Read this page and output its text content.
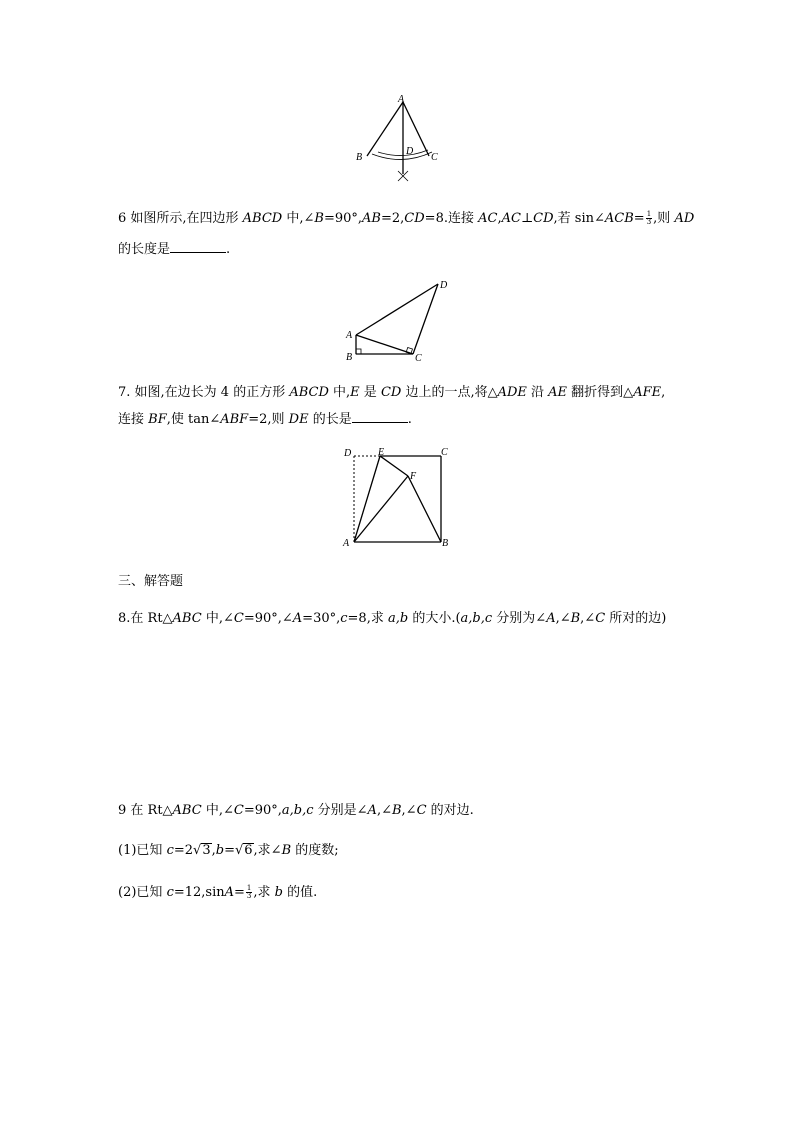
A
B	C
D
6 如图所示,在四边形 ABCD 中,∠B=90°,AB=2,CD=8.连接 AC,AC⊥CD,若 sin∠ACB= $\frac{1}{3}$ ,则 AD
的长度是	.
A
B	C
D
7. 如图,在边长为 4 的正方形 ABCD 中,E 是 CD 边上的一点,将△ADE 沿 AE 翻折得到△AFE,
连接 BF,使 tan∠ABF=2,则 DE 的长是	.
D	E	C
F
A	B
三、解答题
8.在 Rt△ABC 中,∠C=90°,∠A=30°,c=8,求 a,b 的大小.(a,b,c 分别为∠A,∠B,∠C 所对的边)
9 在 Rt△ABC 中,∠C=90°,a,b,c 分别是∠A,∠B,∠C 的对边.
(1)已知 c=2√3,b=√6,求∠B 的度数;
(2)已知 $c=12,\sin A= \frac{1}{3}$ ,求 b 的值.
